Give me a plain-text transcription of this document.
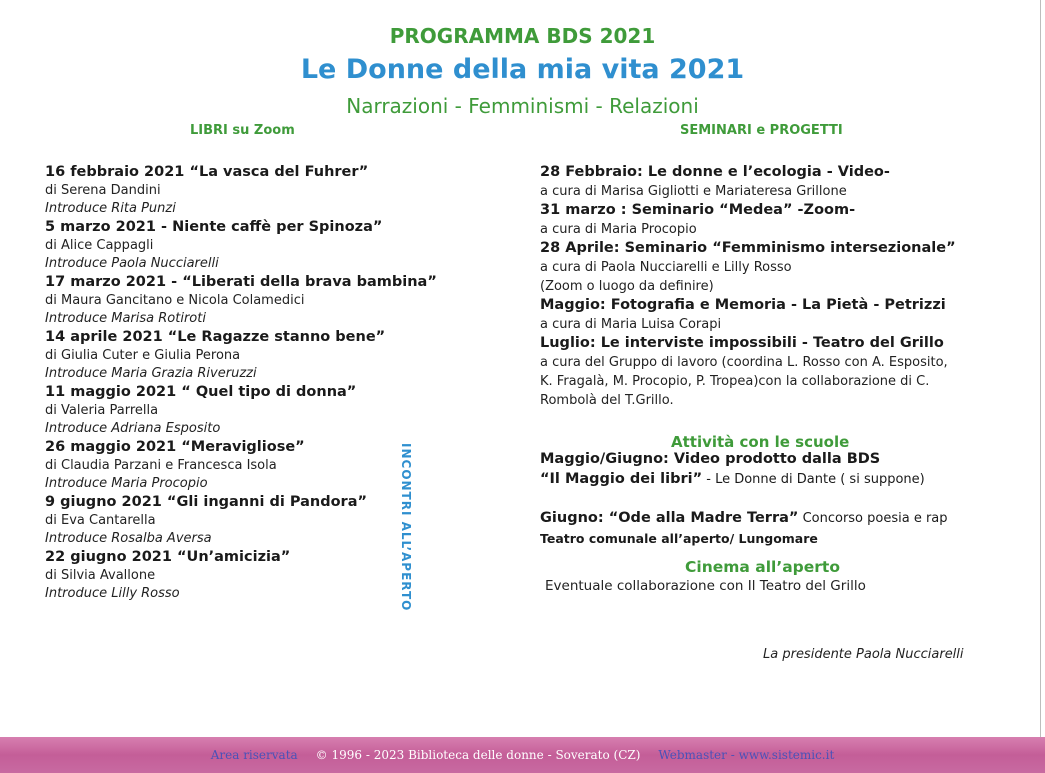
PROGRAMMA BDS 2021
Le Donne della mia vita 2021
Narrazioni - Femminismi - Relazioni
LIBRI su Zoom	SEMINARI e PROGETTI
16 febbraio 2021 “La vasca del Fuhrer”
di Serena Dandini
Introduce Rita Punzi
5 marzo 2021 - Niente caffè per Spinoza”
di Alice Cappagli
Introduce Paola Nucciarelli
17 marzo 2021 - “Liberati della brava bambina”
di Maura Gancitano e Nicola Colamedici
Introduce Marisa Rotiroti
14 aprile 2021 “Le Ragazze stanno bene”
di Giulia Cuter e Giulia Perona
Introduce Maria Grazia Riveruzzi
11 maggio 2021 “ Quel tipo di donna”
di Valeria Parrella
Introduce Adriana Esposito
26 maggio 2021 “Meravigliose”
di Claudia Parzani e Francesca Isola
Introduce Maria Procopio
9 giugno 2021 “Gli inganni di Pandora”
di Eva Cantarella
Introduce Rosalba Aversa
22 giugno 2021 “Un’amicizia”
di Silvia Avallone
Introduce Lilly Rosso	INCONTRI ALL’APERTO
28 Febbraio: Le donne e l’ecologia - Video-
a cura di Marisa Gigliotti e Mariateresa Grillone
31 marzo : Seminario “Medea” -Zoom-
a cura di Maria Procopio
28 Aprile: Seminario “Femminismo intersezionale”
a cura di Paola Nucciarelli e Lilly Rosso
(Zoom o luogo da definire)
Maggio: Fotografia e Memoria - La Pietà - Petrizzi
a cura di Maria Luisa Corapi
Luglio: Le interviste impossibili - Teatro del Grillo
a cura del Gruppo di lavoro (coordina L. Rosso con A. Esposito,
K. Fragalà, M. Procopio, P. Tropea)con la collaborazione di C.
Rombolà del T.Grillo.
Attività con le scuole
Maggio/Giugno: Video prodotto dalla BDS
“Il Maggio dei libri” - Le Donne di Dante ( si suppone)
Giugno: “Ode alla Madre Terra” Concorso poesia e rap
Teatro comunale all’aperto/ Lungomare
Cinema all’aperto
Eventuale collaborazione con Il Teatro del Grillo
La presidente Paola Nucciarelli
Area riservata © 1996 - 2023 Biblioteca delle donne - Soverato (CZ) Webmaster - www.sistemic.it
